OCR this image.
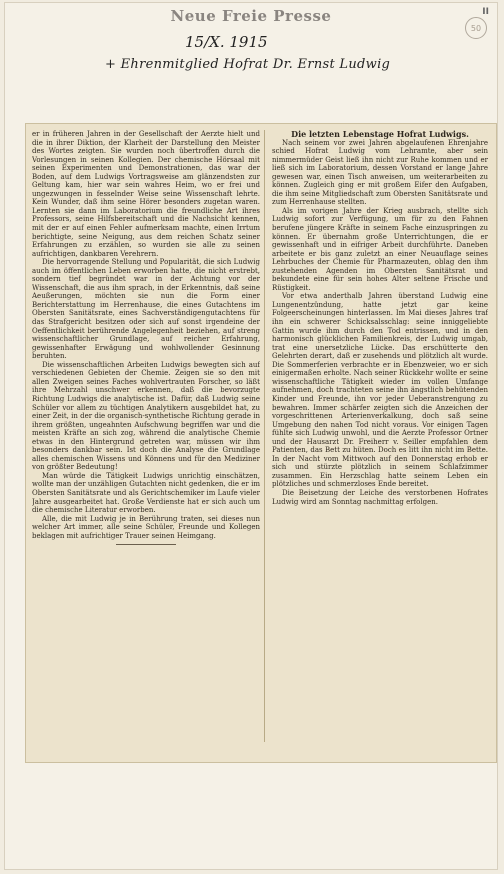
Neue Freie Presse	II
50
15/X. 1915
+ Ehrenmitglied Hofrat Dr. Ernst Ludwig

er in früheren Jahren in der Gesellschaft der Aerzte hielt und die in ihrer Diktion, der Klarheit der Darstellung den Meister des Wortes zeigten. Sie wurden noch übertroffen durch die Vorlesungen in seinen Kollegien. Der chemische Hörsaal mit seinen Experimenten und Demonstrationen, das war der Boden, auf dem Ludwigs Vortragsweise am glänzendsten zur Geltung kam, hier war sein wahres Heim, wo er frei und ungezwungen in fesselnder Weise seine Wissenschaft lehrte. Kein Wunder, daß ihm seine Hörer besonders zugetan waren. Lernten sie dann im Laboratorium die freundliche Art ihres Professors, seine Hilfsbereitschaft und die Nachsicht kennen, mit der er auf einen Fehler aufmerksam machte, einen Irrtum berichtigte, seine Neigung, aus dem reichen Schatz seiner Erfahrungen zu erzählen, so wurden sie alle zu seinen aufrichtigen, dankbaren Verehrern.

Die hervorragende Stellung und Popularität, die sich Ludwig auch im öffentlichen Leben erworben hatte, die nicht erstrebt, sondern tief begründet war in der Achtung vor der Wissenschaft, die aus ihm sprach, in der Erkenntnis, daß seine Aeußerungen, möchten sie nun die Form einer Berichterstattung im Herrenhause, die eines Gutachtens im Obersten Sanitätsrate, eines Sachverständigengutachtens für das Strafgericht besitzen oder sich auf sonst irgendeine der Oeffentlichkeit berührende Angelegenheit beziehen, auf streng wissenschaftlicher Grundlage, auf reicher Erfahrung, gewissenhafter Erwägung und wohlwollender Gesinnung beruhten.

Die wissenschaftlichen Arbeiten Ludwigs bewegten sich auf verschiedenen Gebieten der Chemie. Zeigen sie so den mit allen Zweigen seines Faches wohlvertrauten Forscher, so läßt ihre Mehrzahl unschwer erkennen, daß die bevorzugte Richtung Ludwigs die analytische ist. Dafür, daß Ludwig seine Schüler vor allem zu tüchtigen Analytikern ausgebildet hat, zu einer Zeit, in der die organisch-synthetische Richtung gerade in ihrem größten, ungeahnten Aufschwung begriffen war und die meisten Kräfte an sich zog, während die analytische Chemie etwas in den Hintergrund getreten war, müssen wir ihm besonders dankbar sein. Ist doch die Analyse die Grundlage alles chemischen Wissens und Könnens und für den Mediziner von größter Bedeutung!

Man würde die Tätigkeit Ludwigs unrichtig einschätzen, wollte man der unzähligen Gutachten nicht gedenken, die er im Obersten Sanitätsrate und als Gerichtschemiker im Laufe vieler Jahre ausgearbeitet hat. Große Verdienste hat er sich auch um die chemische Literatur erworben.

Alle, die mit Ludwig je in Berührung traten, sei dieses nun welcher Art immer, alle seine Schüler, Freunde und Kollegen beklagen mit aufrichtiger Trauer seinen Heimgang.

Die letzten Lebenstage Hofrat Ludwigs.

Nach seinem vor zwei Jahren abgelaufenen Ehrenjahre schied Hofrat Ludwig vom Lehramte, aber sein nimmermüder Geist ließ ihn nicht zur Ruhe kommen und er ließ sich im Laboratorium, dessen Vorstand er lange Jahre gewesen war, einen Tisch anweisen, um weiterarbeiten zu können. Zugleich ging er mit großem Eifer den Aufgaben, die ihm seine Mitgliedschaft zum Obersten Sanitätsrate und zum Herrenhause stellten.

Als im vorigen Jahre der Krieg ausbrach, stellte sich Ludwig sofort zur Verfügung, um für zu den Fahnen berufene jüngere Kräfte in seinem Fache einzuspringen zu können. Er übernahm große Unterrichtungen, die er gewissenhaft und in eifriger Arbeit durchführte. Daneben arbeitete er bis ganz zuletzt an einer Neuauflage seines Lehrbuches der Chemie für Pharmazeuten, oblag den ihm zustehenden Agenden im Obersten Sanitätsrat und bekundete eine für sein hohes Alter seltene Frische und Rüstigkeit.

Vor etwa anderthalb Jahren überstand Ludwig eine Lungenentzündung, hatte jetzt gar keine Folgeerscheinungen hinterlassen. Im Mai dieses Jahres traf ihn ein schwerer Schicksalsschlag: seine inniggeliebte Gattin wurde ihm durch den Tod entrissen, und in den harmonisch glücklichen Familienkreis, der Ludwig umgab, trat eine unersetzliche Lücke. Das erschütterte den Gelehrten derart, daß er zusehends und plötzlich alt wurde. Die Sommerferien verbrachte er in Ebenzweier, wo er sich einigermaßen erholte. Nach seiner Rückkehr wollte er seine wissenschaftliche Tätigkeit wieder im vollen Umfange aufnehmen, doch trachteten seine ihn ängstlich behütenden Kinder und Freunde, ihn vor jeder Ueberanstrengung zu bewahren. Immer schärfer zeigten sich die Anzeichen der vorgeschrittenen Arterienverkalkung, doch saß seine Umgebung den nahen Tod nicht voraus. Vor einigen Tagen fühlte sich Ludwig unwohl, und die Aerzte Professor Ortner und der Hausarzt Dr. Freiherr v. Seiller empfahlen dem Patienten, das Bett zu hüten. Doch es litt ihn nicht im Bette. In der Nacht vom Mittwoch auf den Donnerstag erhob er sich und stürzte plötzlich in seinem Schlafzimmer zusammen. Ein Herzschlag hatte seinem Leben ein plötzliches und schmerzloses Ende bereitet.

Die Beisetzung der Leiche des verstorbenen Hofrates Ludwig wird am Sonntag nachmittag erfolgen.
